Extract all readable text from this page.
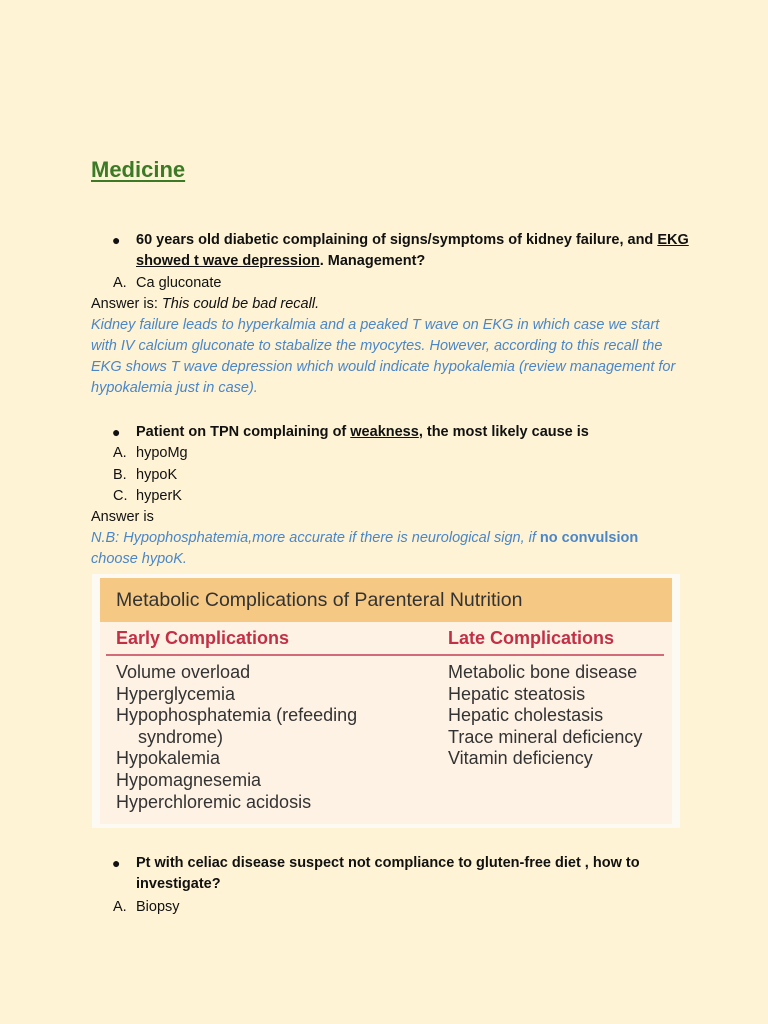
Medicine
● 60 years old diabetic complaining of signs/symptoms of kidney failure, and EKG showed t wave depression. Management?
A. Ca gluconate
Answer is: This could be bad recall.
Kidney failure leads to hyperkalmia and a peaked T wave on EKG in which case we start with IV calcium gluconate to stabalize the myocytes. However, according to this recall the EKG shows T wave depression which would indicate hypokalemia (review management for hypokalemia just in case).
● Patient on TPN complaining of weakness, the most likely cause is
A. hypoMg
B. hypoK
C. hyperK
Answer is
N.B: Hypophosphatemia,more accurate if there is neurological sign, if no convulsion choose hypoK.
Metabolic Complications of Parenteral Nutrition
Early Complications	Late Complications
Volume overload
Hyperglycemia
Hypophosphatemia (refeeding
syndrome)
Hypokalemia
Hypomagnesemia
Hyperchloremic acidosis
Metabolic bone disease
Hepatic steatosis
Hepatic cholestasis
Trace mineral deficiency
Vitamin deficiency
● Pt with celiac disease suspect not compliance to gluten-free diet , how to investigate?
A. Biopsy
